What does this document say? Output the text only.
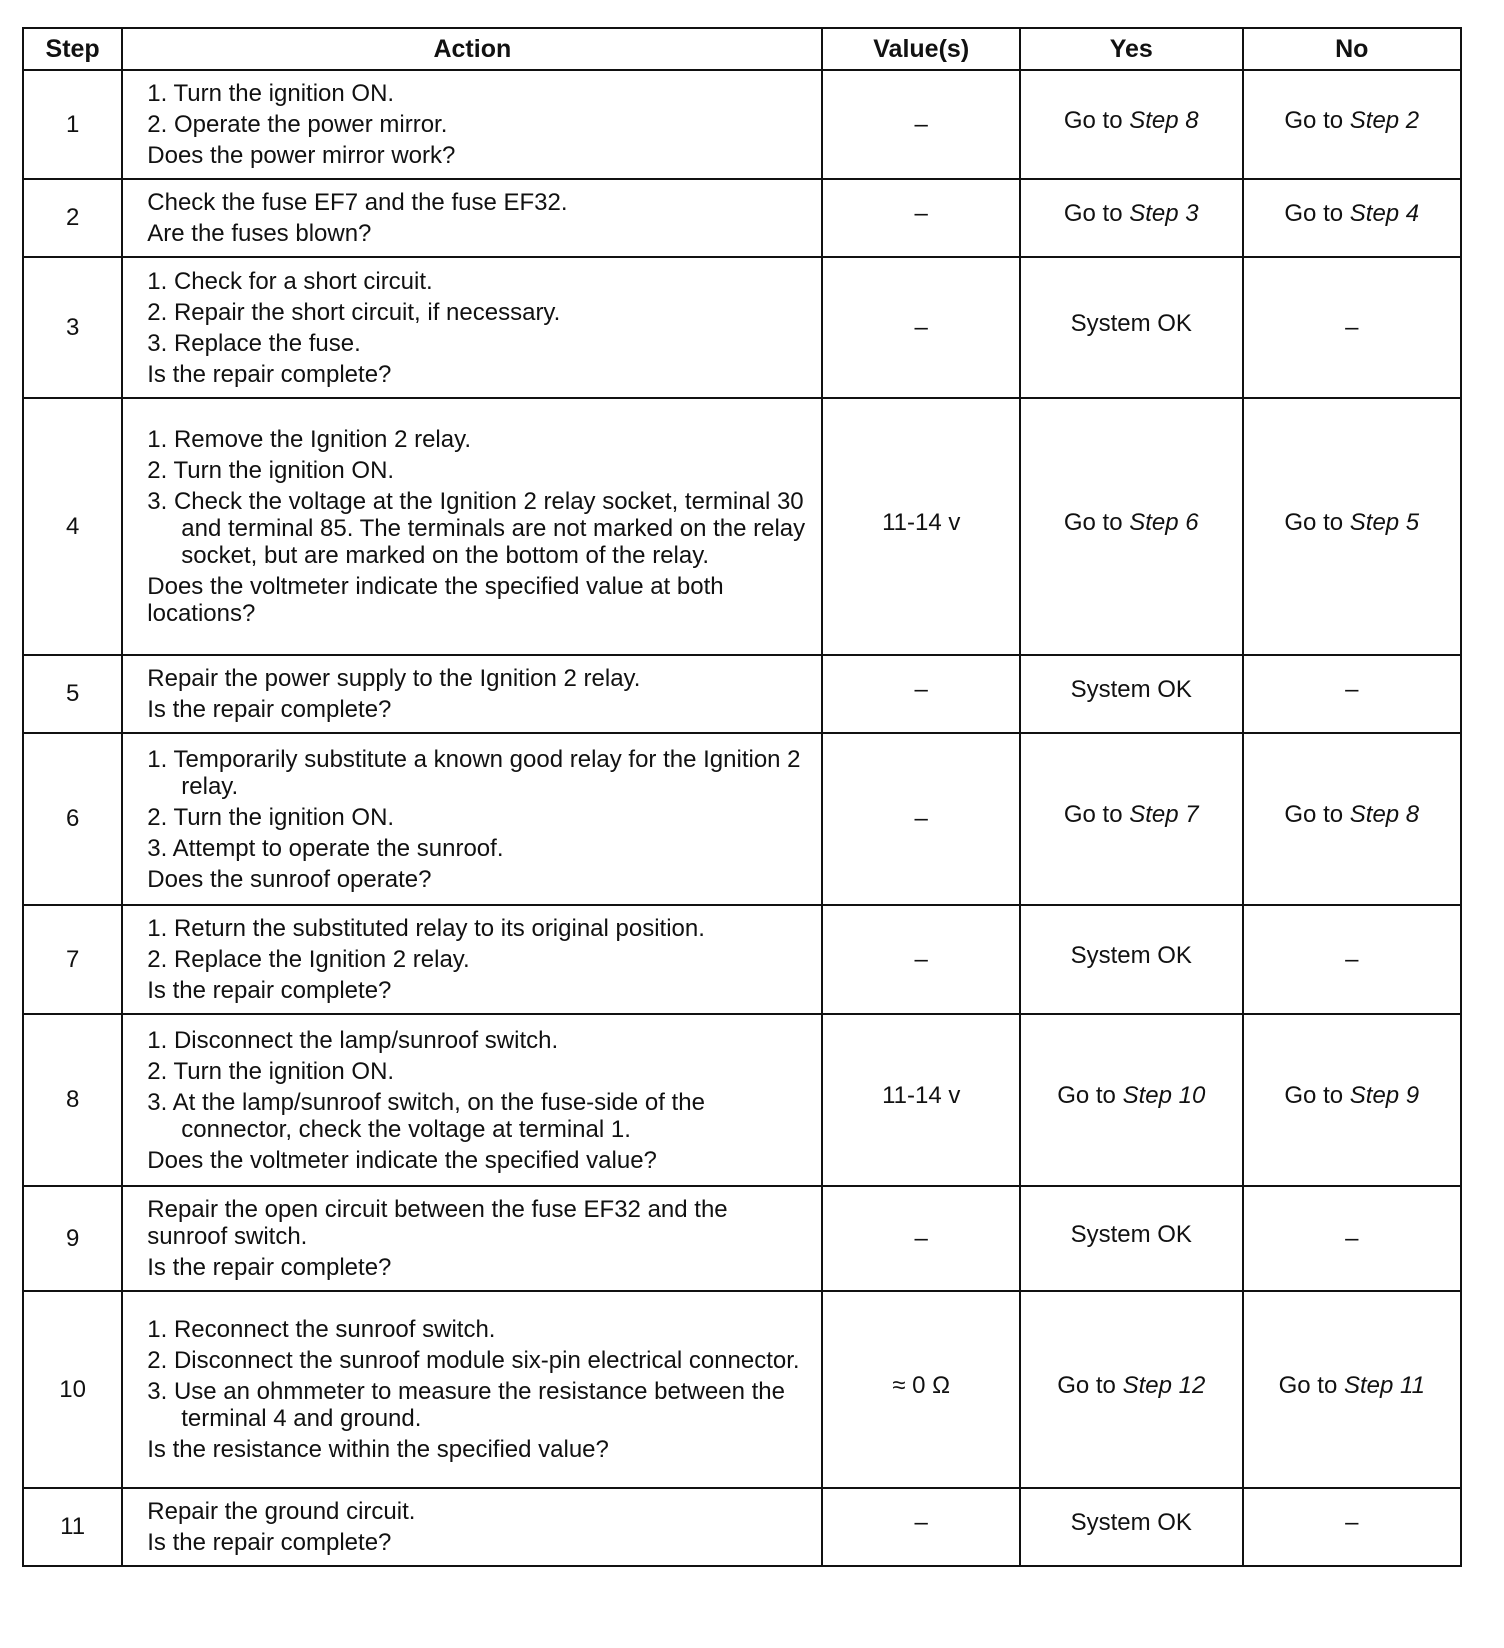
Step	Action	Value(s)	Yes	No
1	1. Turn the ignition ON.
2. Operate the power mirror.
Does the power mirror work?	–	Go to Step 8	Go to Step 2
2	Check the fuse EF7 and the fuse EF32.
Are the fuses blown?	–	Go to Step 3	Go to Step 4
3	1. Check for a short circuit.
2. Repair the short circuit, if necessary.
3. Replace the fuse.
Is the repair complete?	–	System OK	–
4	1. Remove the Ignition 2 relay.
2. Turn the ignition ON.
3. Check the voltage at the Ignition 2 relay socket, terminal 30 and terminal 85. The terminals are not marked on the relay socket, but are marked on the bottom of the relay.
Does the voltmeter indicate the specified value at both locations?	11-14 v	Go to Step 6	Go to Step 5
5	Repair the power supply to the Ignition 2 relay.
Is the repair complete?	–	System OK	–
6	1. Temporarily substitute a known good relay for the Ignition 2 relay.
2. Turn the ignition ON.
3. Attempt to operate the sunroof.
Does the sunroof operate?	–	Go to Step 7	Go to Step 8
7	1. Return the substituted relay to its original position.
2. Replace the Ignition 2 relay.
Is the repair complete?	–	System OK	–
8	1. Disconnect the lamp/sunroof switch.
2. Turn the ignition ON.
3. At the lamp/sunroof switch, on the fuse-side of the connector, check the voltage at terminal 1.
Does the voltmeter indicate the specified value?	11-14 v	Go to Step 10	Go to Step 9
9	Repair the open circuit between the fuse EF32 and the sunroof switch.
Is the repair complete?	–	System OK	–
10	1. Reconnect the sunroof switch.
2. Disconnect the sunroof module six-pin electrical connector.
3. Use an ohmmeter to measure the resistance between the terminal 4 and ground.
Is the resistance within the specified value?	≈ 0 Ω	Go to Step 12	Go to Step 11
11	Repair the ground circuit.
Is the repair complete?	–	System OK	–
